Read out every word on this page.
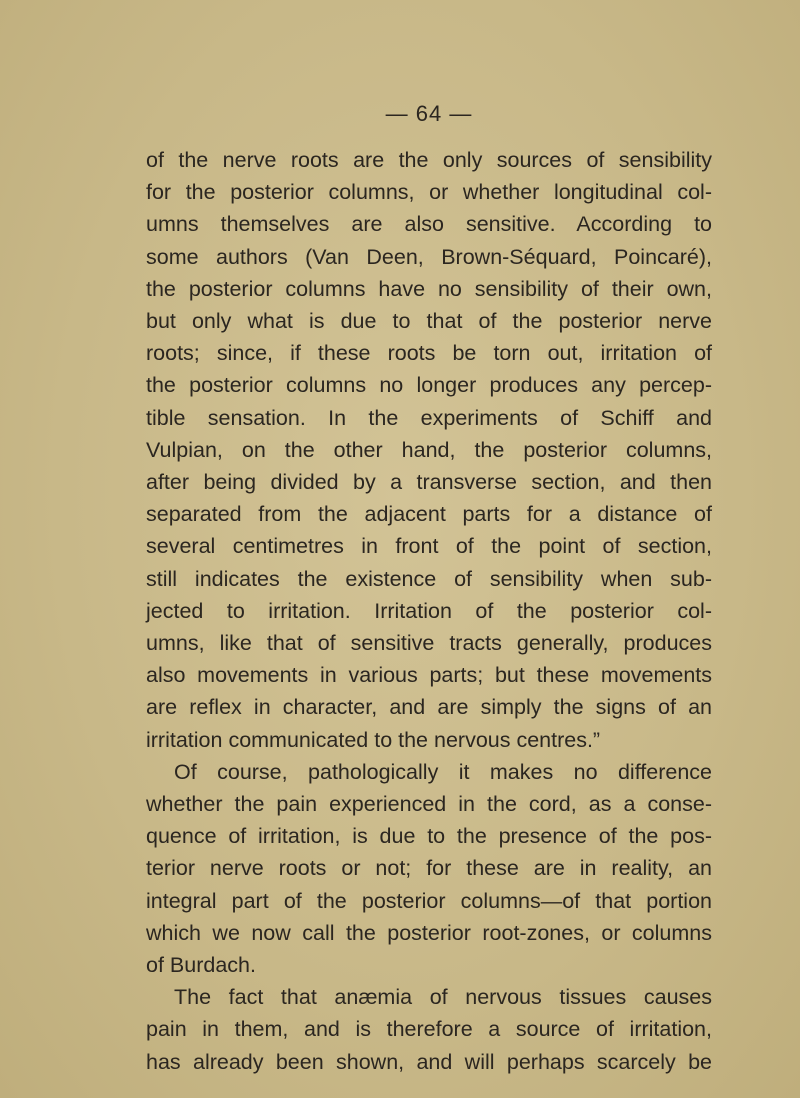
— 64 —

of the nerve roots are the only sources of sensibility
for the posterior columns, or whether longitudinal col-
umns themselves are also sensitive. According to
some authors (Van Deen, Brown-Séquard, Poincaré),
the posterior columns have no sensibility of their own,
but only what is due to that of the posterior nerve
roots; since, if these roots be torn out, irritation of
the posterior columns no longer produces any percep-
tible sensation. In the experiments of Schiff and
Vulpian, on the other hand, the posterior columns,
after being divided by a transverse section, and then
separated from the adjacent parts for a distance of
several centimetres in front of the point of section,
still indicates the existence of sensibility when sub-
jected to irritation. Irritation of the posterior col-
umns, like that of sensitive tracts generally, produces
also movements in various parts; but these movements
are reflex in character, and are simply the signs of an
irritation communicated to the nervous centres.”

Of course, pathologically it makes no difference
whether the pain experienced in the cord, as a conse-
quence of irritation, is due to the presence of the pos-
terior nerve roots or not; for these are in reality, an
integral part of the posterior columns—of that portion
which we now call the posterior root-zones, or columns
of Burdach.

The fact that anæmia of nervous tissues causes
pain in them, and is therefore a source of irritation,
has already been shown, and will perhaps scarcely be
